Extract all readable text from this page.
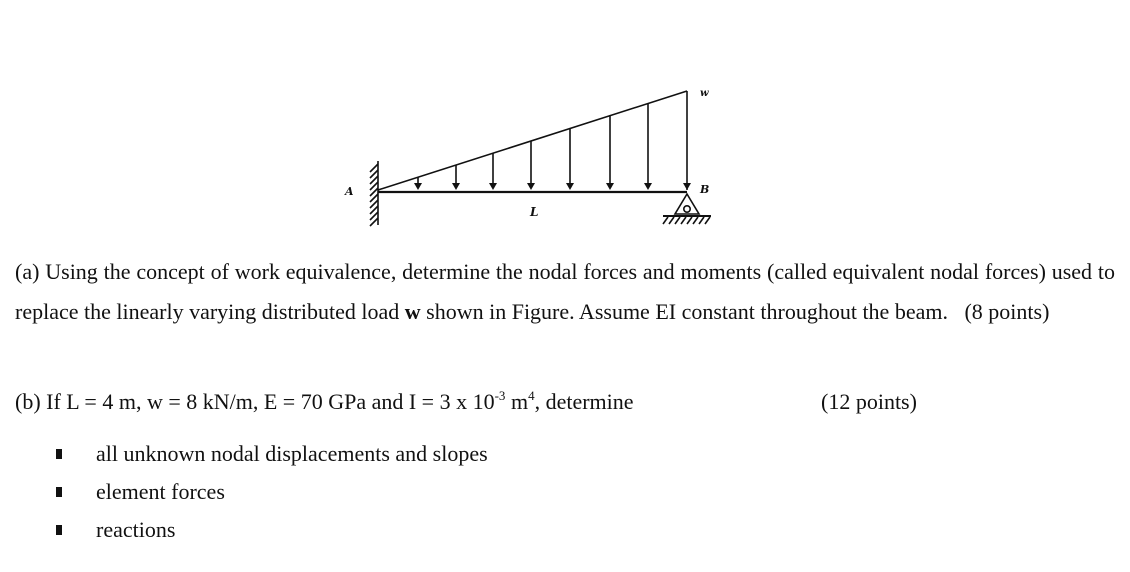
w
A	B
L

(a) Using the concept of work equivalence, determine the nodal forces and moments (called equivalent nodal forces) used to replace the linearly varying distributed load w shown in Figure. Assume EI constant throughout the beam. (8 points)

(b) If L = 4 m, w = 8 kN/m, E = 70 GPa and I = 3 x $10^{-3}$ $m^4$, determine	(12 points)

all unknown nodal displacements and slopes
element forces
reactions
